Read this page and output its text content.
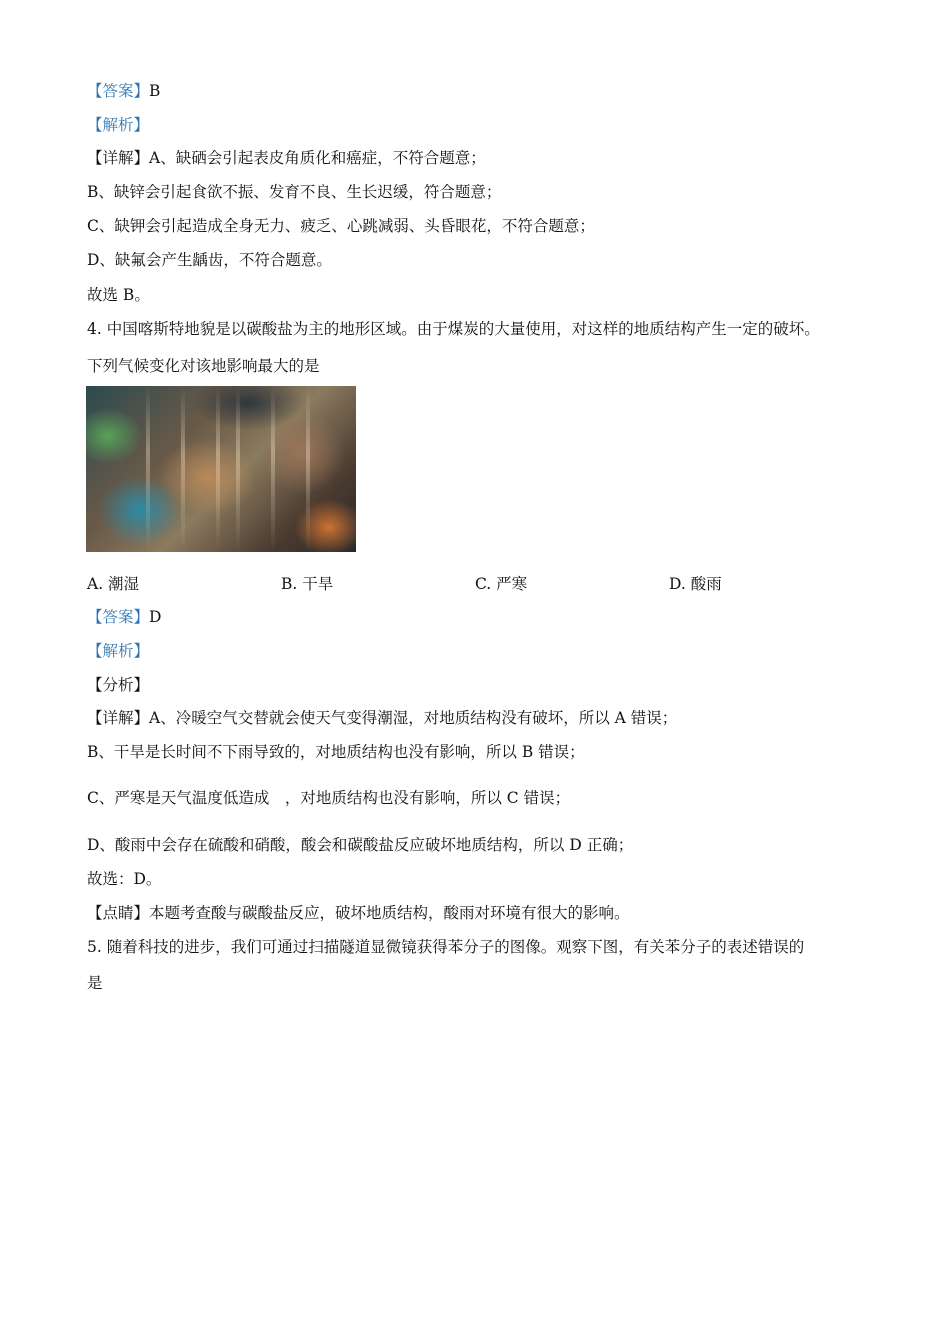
【答案】B
【解析】
【详解】A、缺硒会引起表皮角质化和癌症，不符合题意；
B、缺锌会引起食欲不振、发育不良、生长迟缓，符合题意；
C、缺钾会引起造成全身无力、疲乏、心跳减弱、头昏眼花，不符合题意；
D、缺氟会产生龋齿，不符合题意。
故选 B。
4. 中国喀斯特地貌是以碳酸盐为主的地形区域。由于煤炭的大量使用，对这样的地质结构产生一定的破坏。
下列气候变化对该地影响最大的是
A. 潮湿	B. 干旱	C. 严寒	D. 酸雨
【答案】D
【解析】
【分析】
【详解】A、冷暖空气交替就会使天气变得潮湿，对地质结构没有破坏，所以 A 错误；
B、干旱是长时间不下雨导致的，对地质结构也没有影响，所以 B 错误；
C、严寒是天气温度低造成　，对地质结构也没有影响，所以 C 错误；
D、酸雨中会存在硫酸和硝酸，酸会和碳酸盐反应破坏地质结构，所以 D 正确；
故选：D。
【点睛】本题考查酸与碳酸盐反应，破坏地质结构，酸雨对环境有很大的影响。
5. 随着科技的进步，我们可通过扫描隧道显微镜获得苯分子的图像。观察下图，有关苯分子的表述错误的
是
